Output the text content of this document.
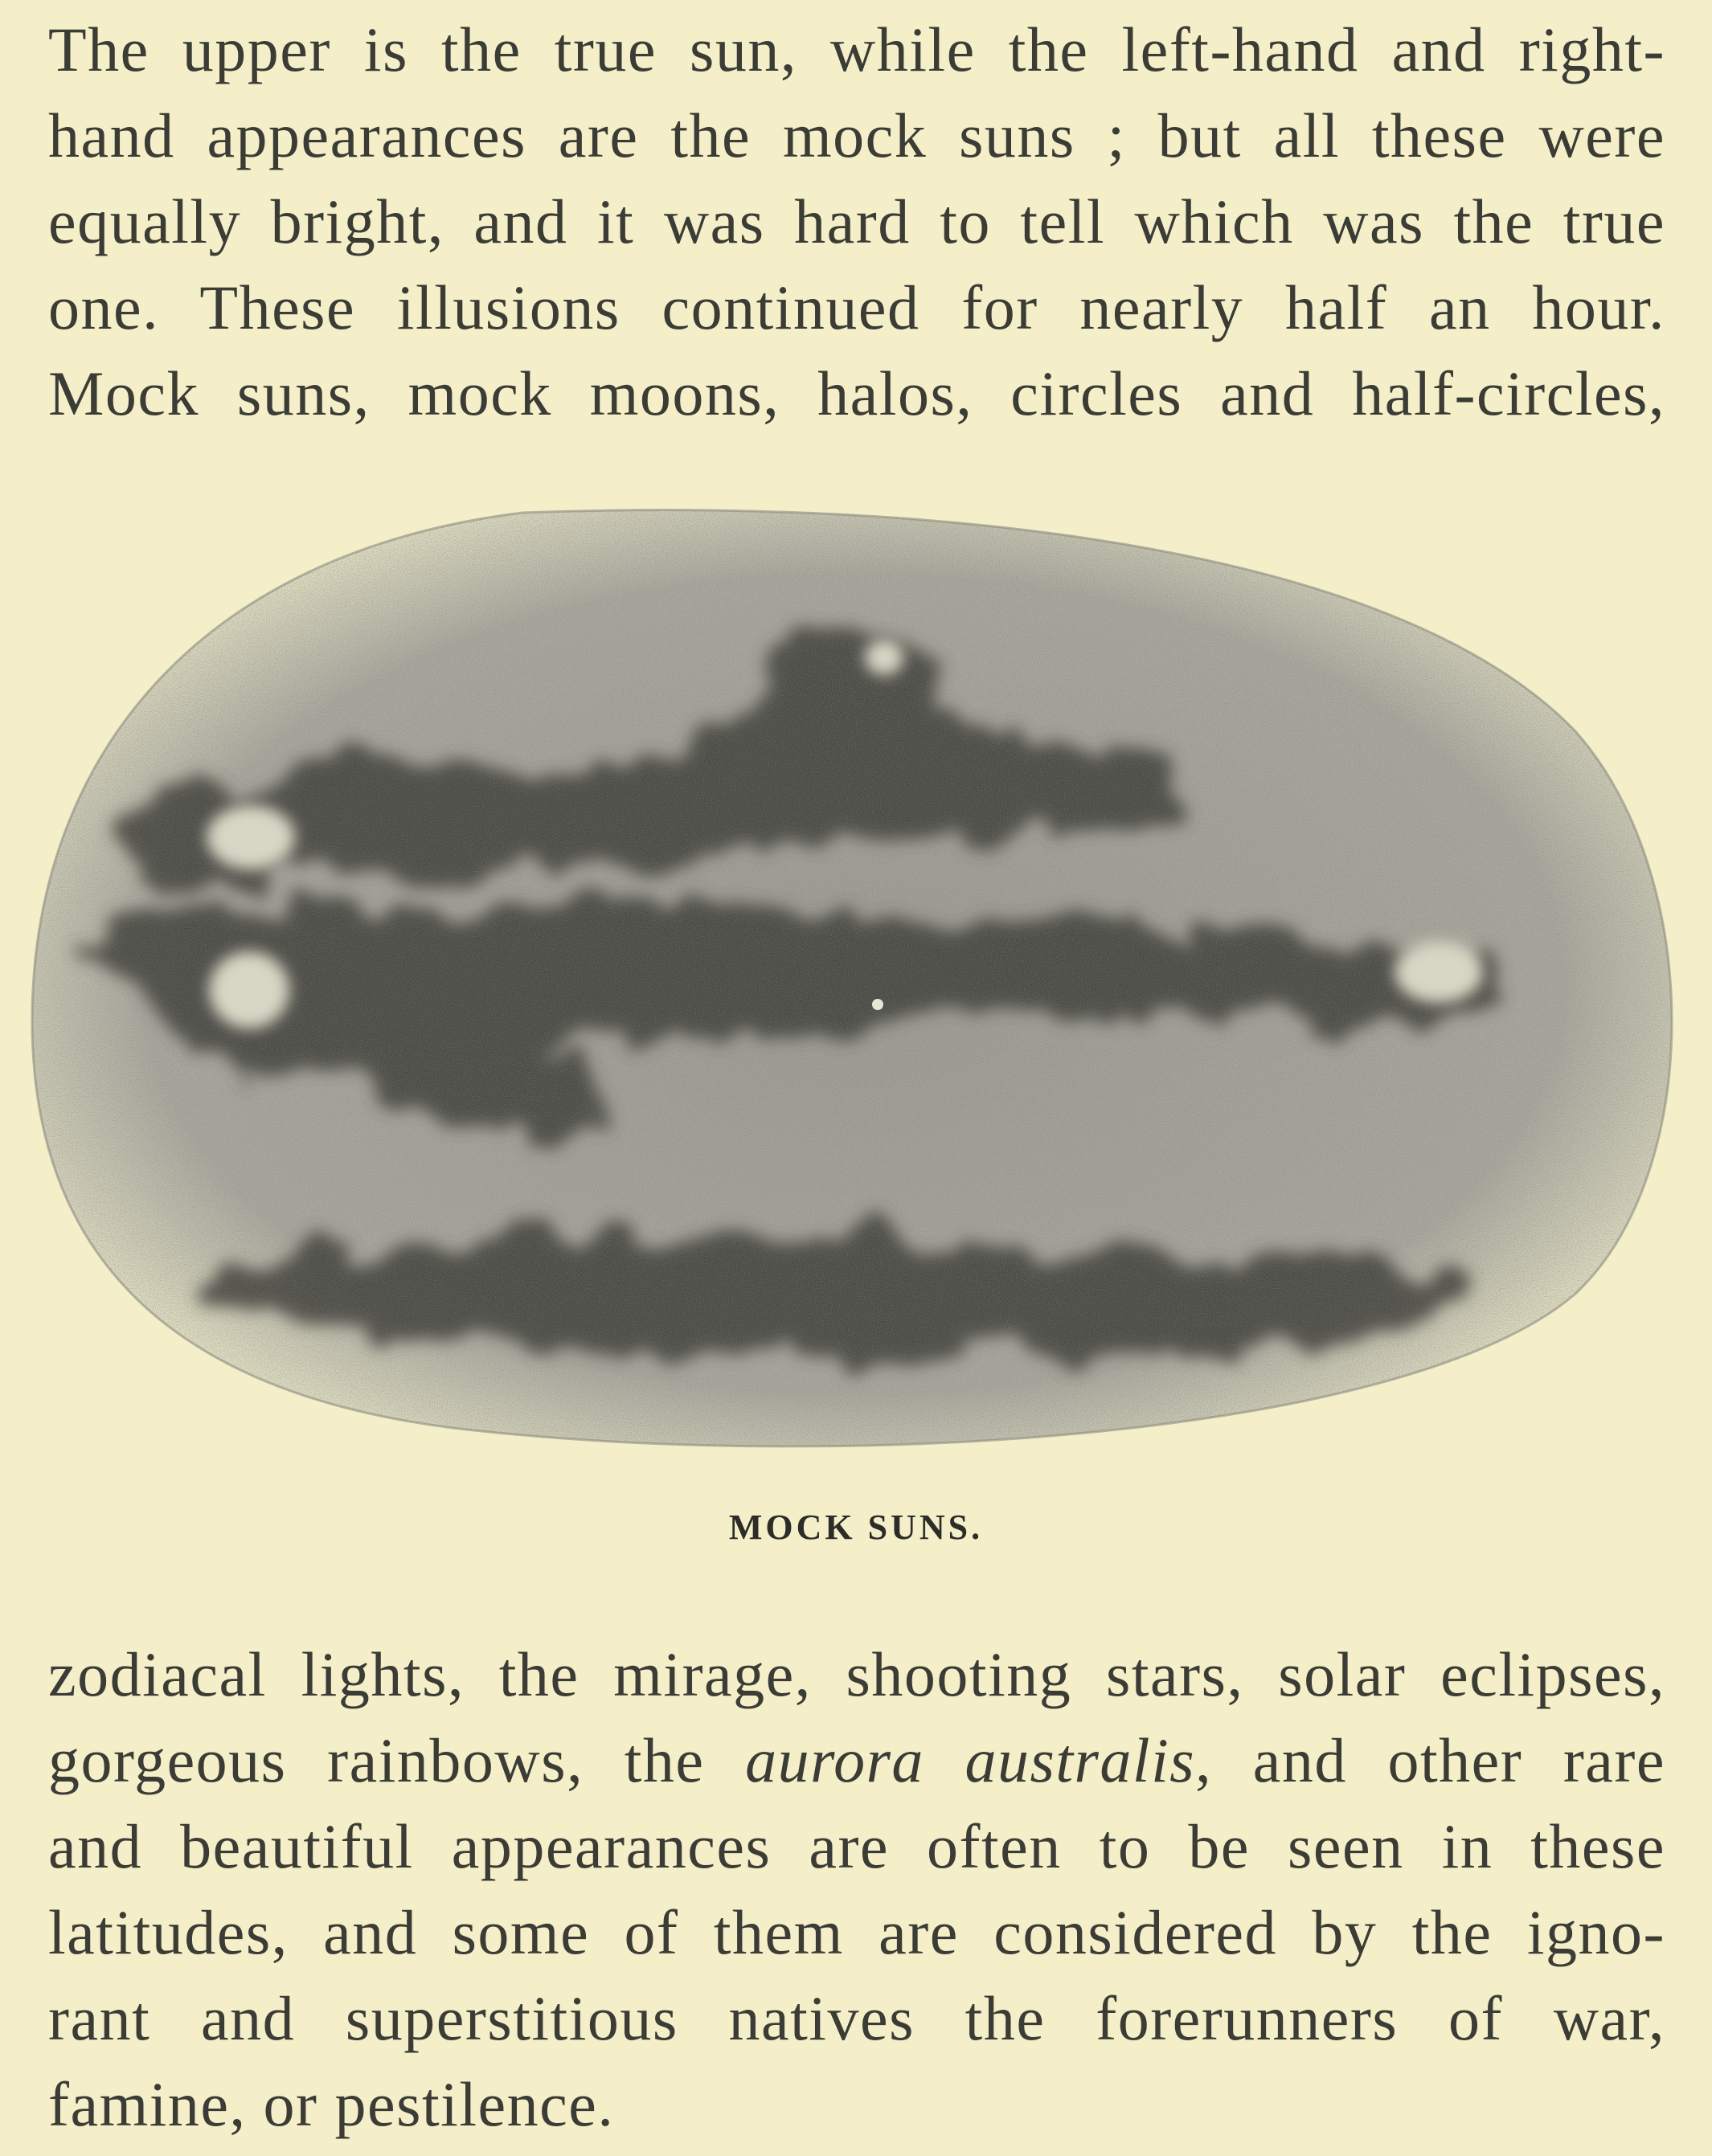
The upper is the true sun, while the left-hand and right-
hand appearances are the mock suns ; but all these were
equally bright, and it was hard to tell which was the true
one. These illusions continued for nearly half an hour.
Mock suns, mock moons, halos, circles and half-circles,
MOCK SUNS.
zodiacal lights, the mirage, shooting stars, solar eclipses,
gorgeous rainbows, the aurora australis, and other rare
and beautiful appearances are often to be seen in these
latitudes, and some of them are considered by the igno-
rant and superstitious natives the forerunners of war,
famine, or pestilence.
